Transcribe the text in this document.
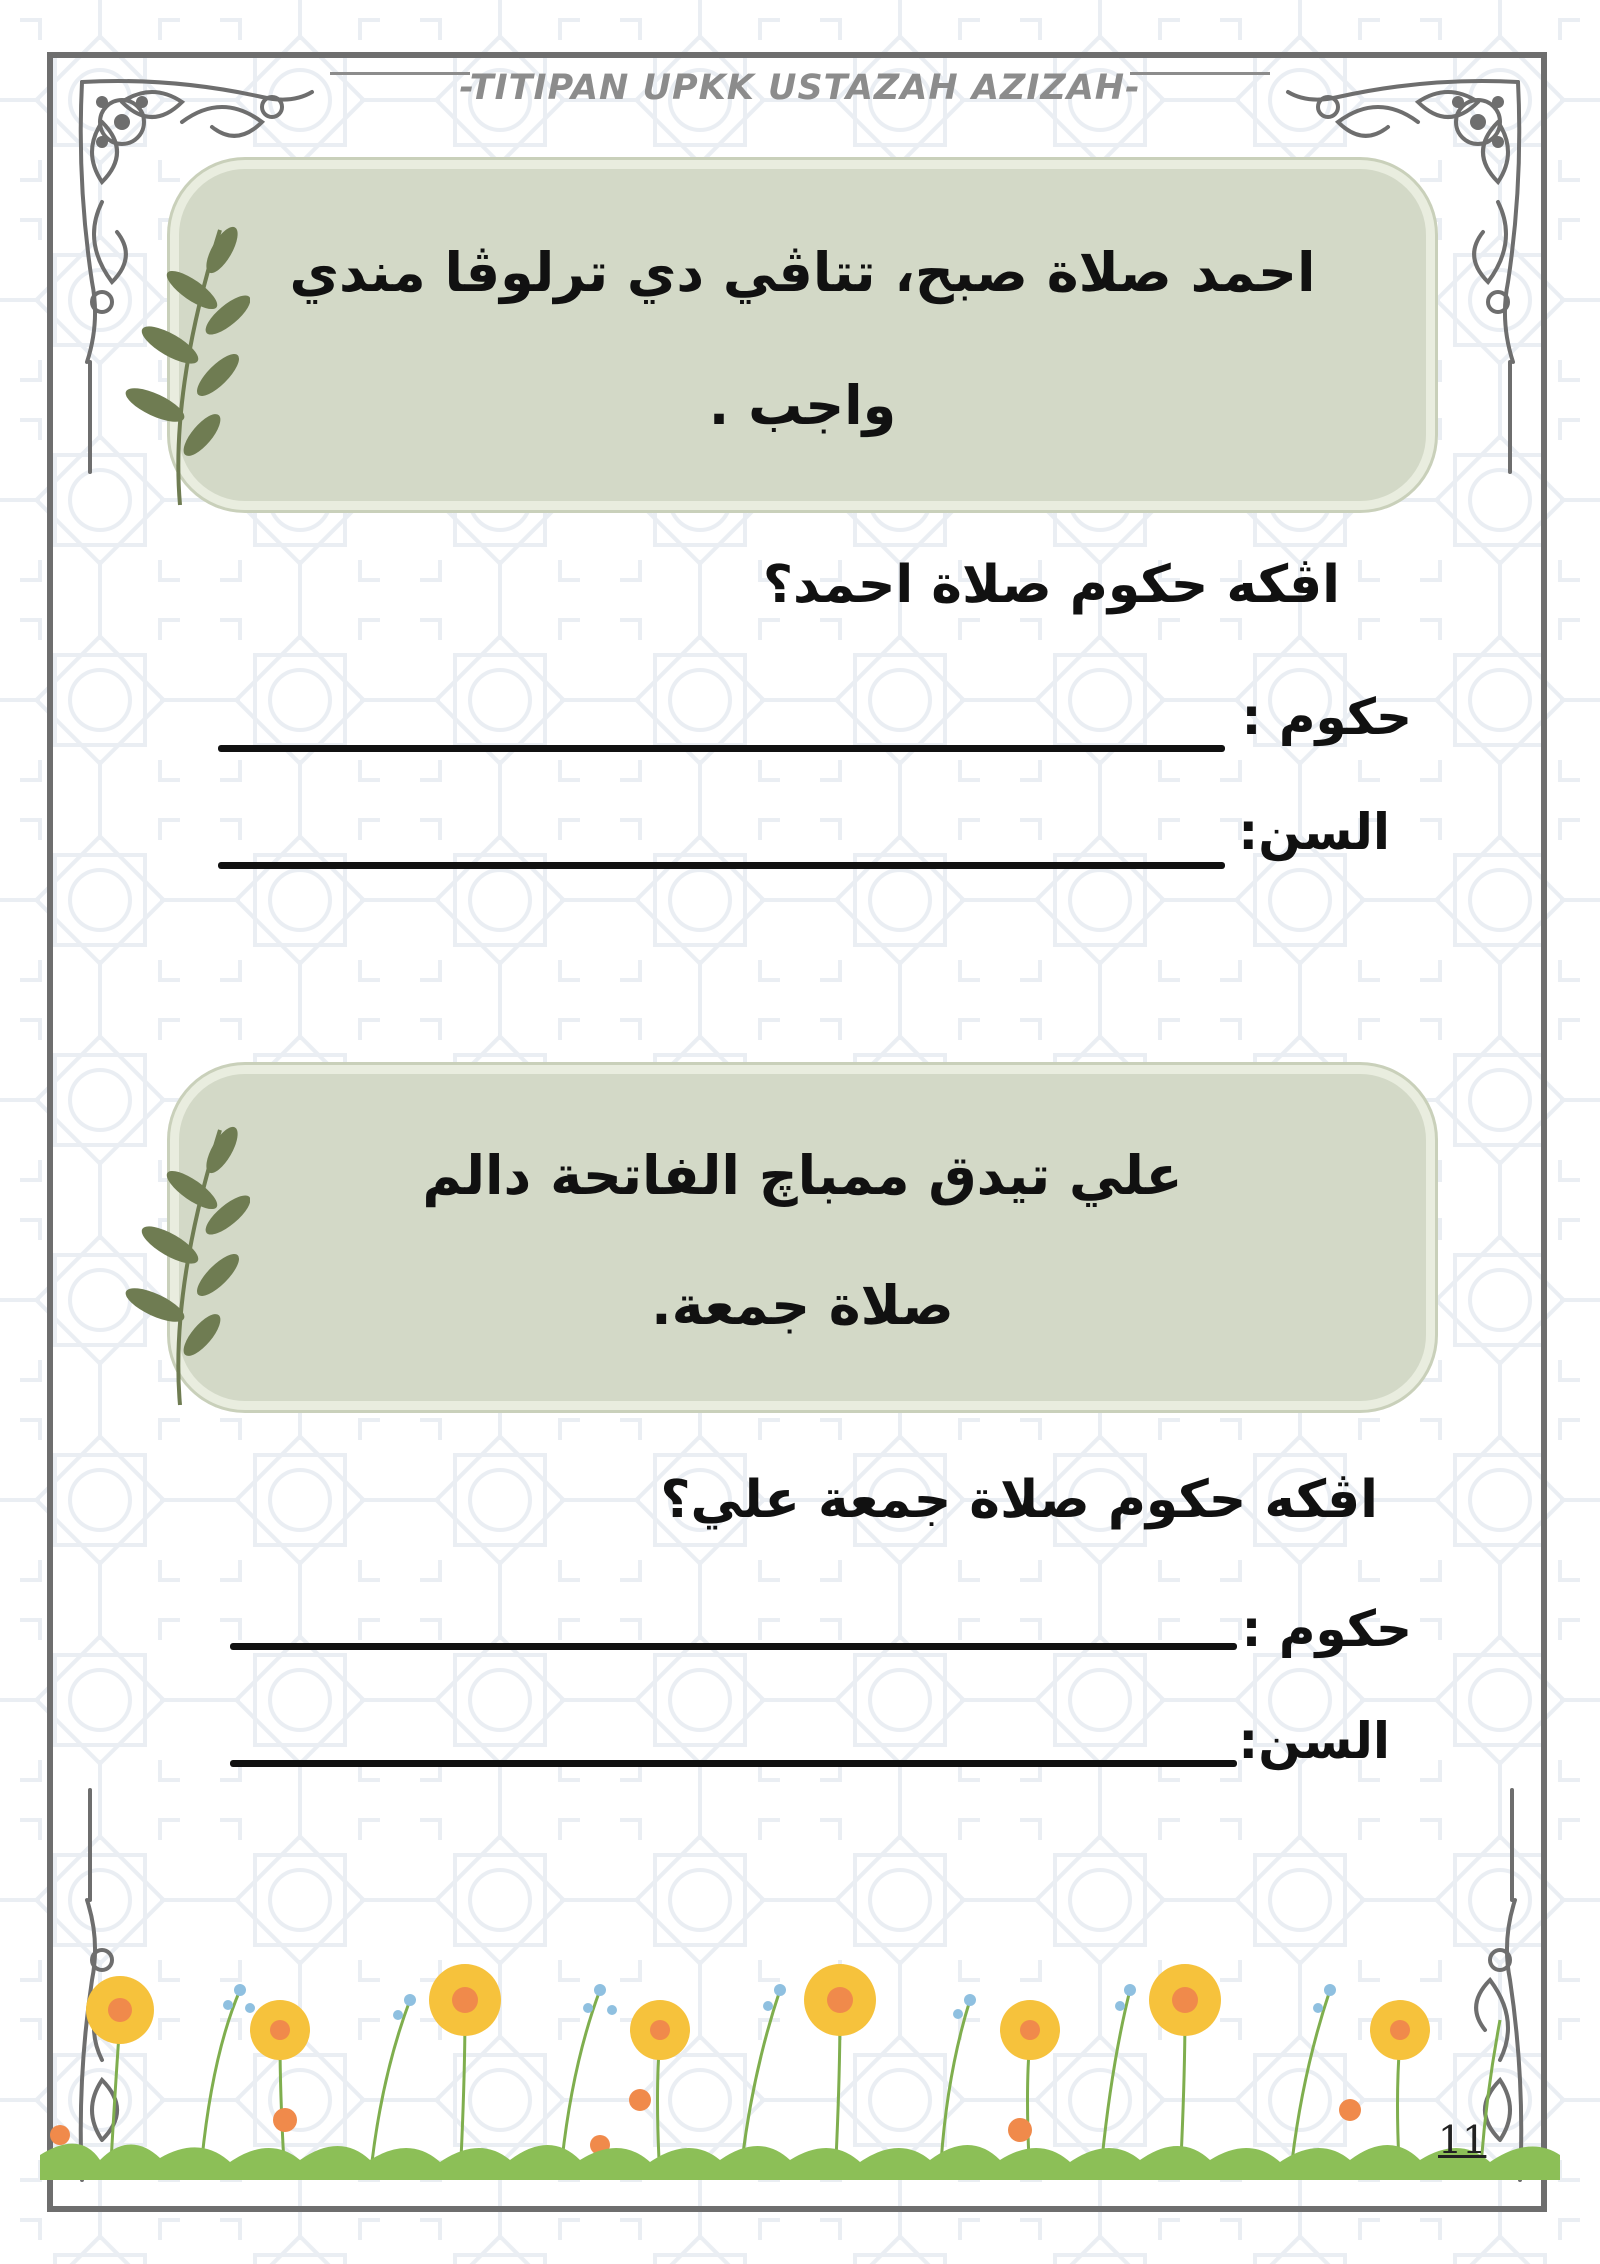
-TITIPAN UPKK USTAZAH AZIZAH-
احمد صلاة صبح، تتاڤي دي ترلوڤا مندي
واجب .
اڤكه حكوم صلاة احمد؟
حكوم :
السن:
علي تيدق ممباچ الفاتحة دالم
صلاة جمعة.
اڤكه حكوم صلاة جمعة علي؟
حكوم :
السن:
11
